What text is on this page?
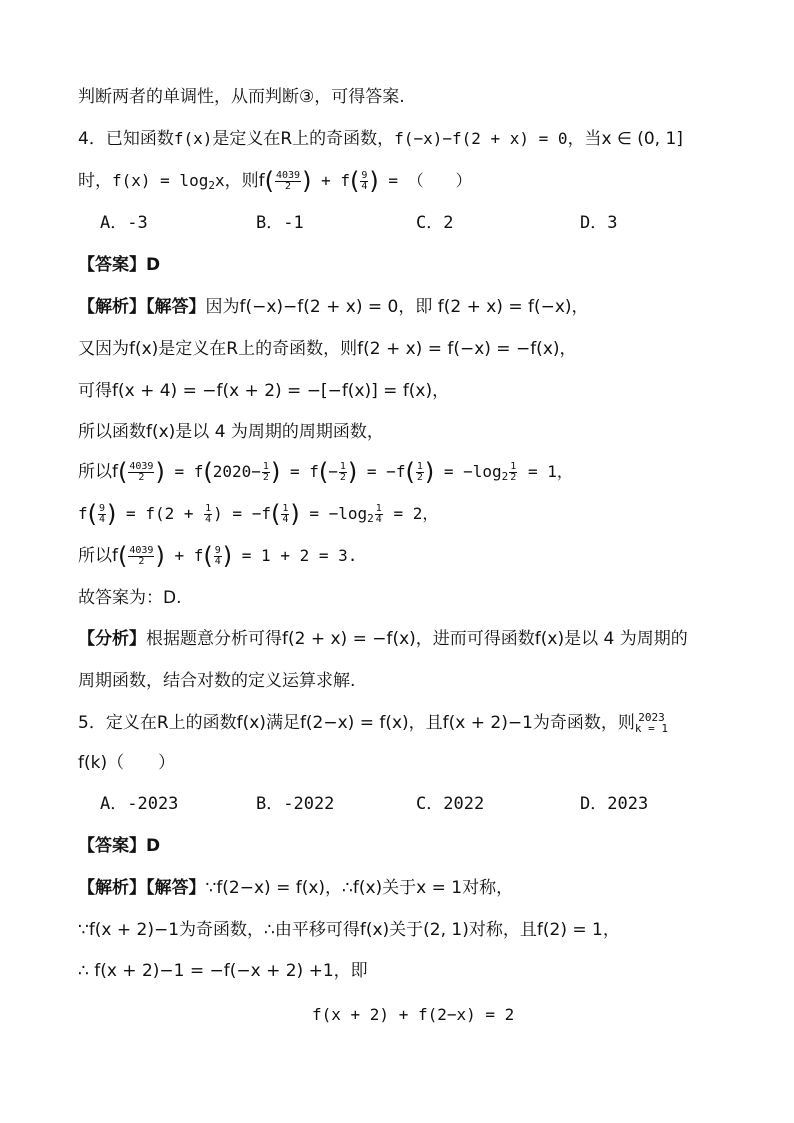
判断两者的单调性，从而判断③，可得答案.
4．已知函数f(x)是定义在R上的奇函数，f(−x)−f(2 + x) = 0，当x ∈ (0, 1]
时，$f(x) = \log_2x$，则$f( \frac{4039}{2}$ ) + $f( \frac{9}{4}$ ) = （　　）
A．-3	B．-1	C．2	D．3
【答案】D
【解析】【解答】因为f(−x)−f(2 + x) = 0，即 f(2 + x) = f(−x)，
又因为f(x)是定义在R上的奇函数，则f(2 + x) = f(−x) = −f(x)，
可得f(x + 4) = −f(x + 2) = −[−f(x)] = f(x)，
所以函数f(x)是以 4 为周期的周期函数，
所以$f( \frac{4039}{2}$ ) = $f(2020- \frac{1}{2}$ ) = $f(- \frac{1}{2}$ ) = $-f( \frac{1}{2}$ ) = $-\log_2 \frac{1}{2} = 1$，
$f( \frac{9}{4}$ ) = $f(2 + \frac{1}{4}$ ) = $-f( \frac{1}{4}$ ) = $-\log_2 \frac{1}{4} = 2$，
所以$f( \frac{4039}{2}$ ) + $f( \frac{9}{4}$ ) = 1 + 2 = 3.
故答案为：D.
【分析】根据题意分析可得f(2 + x) = −f(x)，进而可得函数f(x)是以 4 为周期的
周期函数，结合对数的定义运算求解.
5．定义在R上的函数f(x)满足f(2−x) = f(x)，且f(x + 2)−1为奇函数，则 2023
k = 1
f(k)（　　）
A．-2023	B．-2022	C．2022	D．2023
【答案】D
【解析】【解答】∵f(2−x) = f(x)，∴f(x)关于x = 1对称，
∵f(x + 2)−1为奇函数，∴由平移可得f(x)关于(2, 1)对称，且f(2) = 1，
∴ f(x + 2)−1 = −f(−x + 2) +1，即
f(x + 2) + f(2−x) = 2
